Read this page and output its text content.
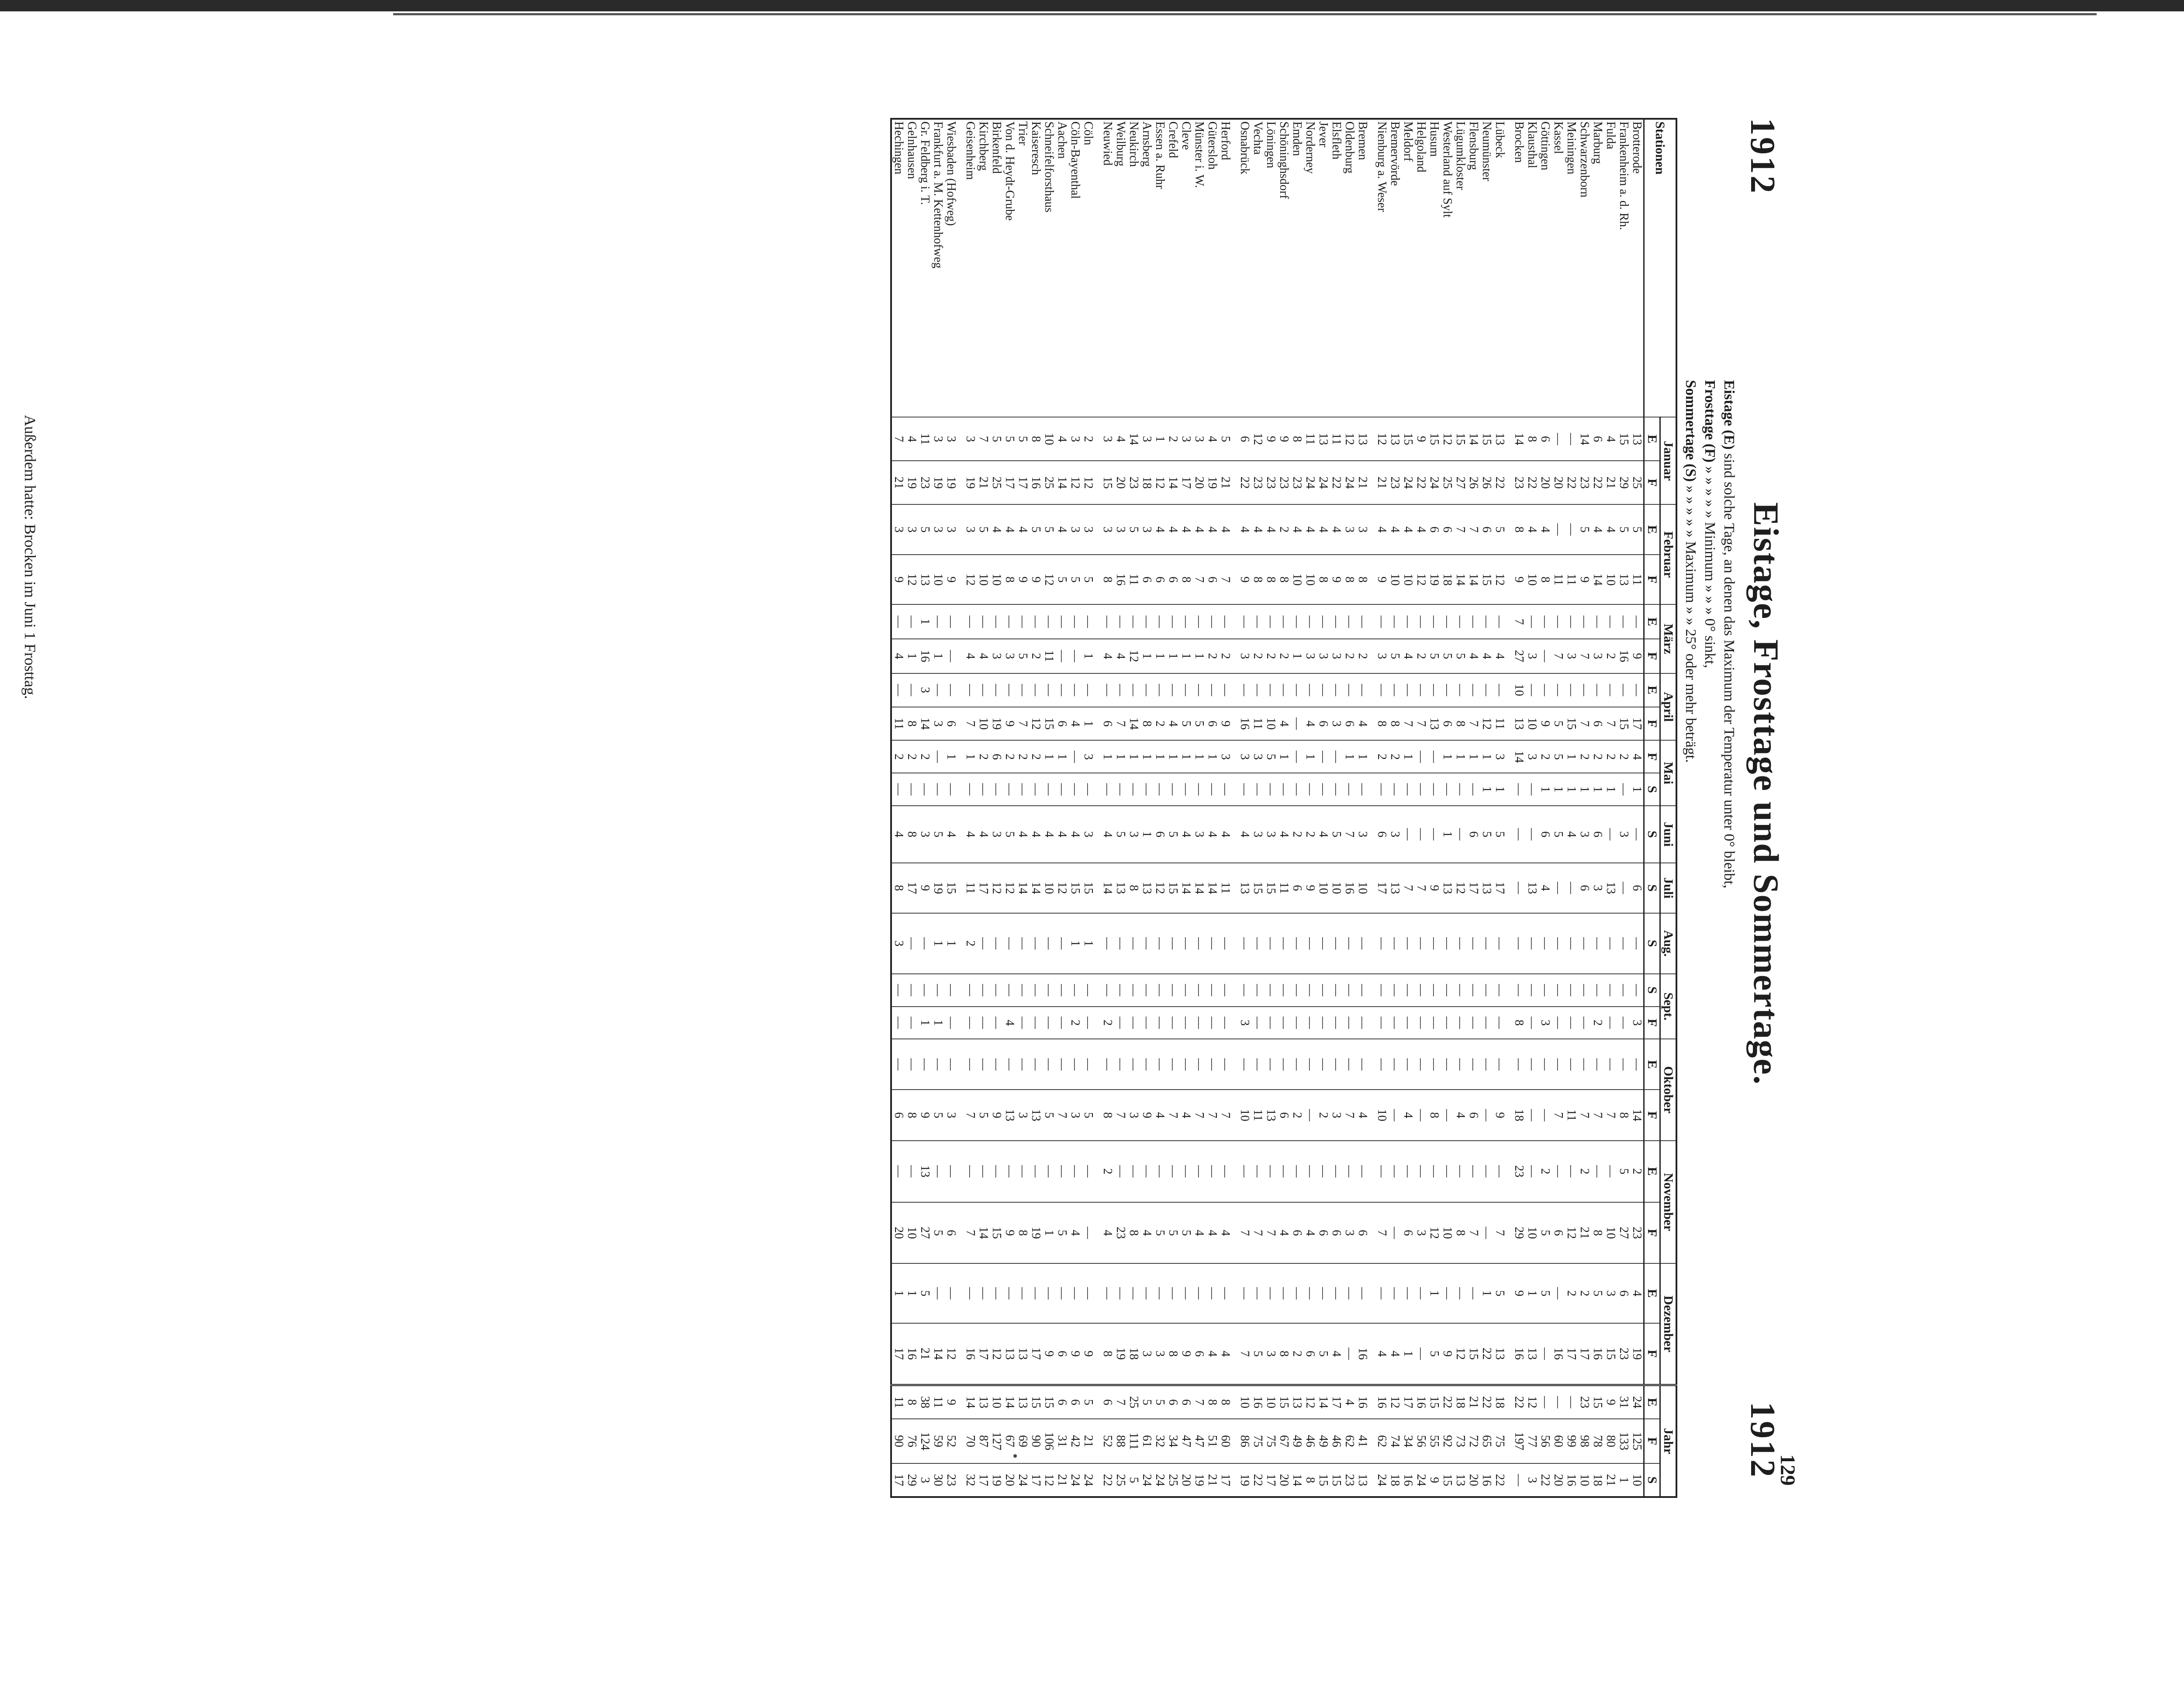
129
1912
1912
Eistage, Frosttage und Sommertage.
Eistage (E) sind solche Tage, an denen das Maximum der Temperatur unter 0° bleibt,
Frosttage (F) » » » » » Minimum » » » 0° sinkt,
Sommertage (S) » » » » » Maximum » » 25° oder mehr beträgt.
Stationen	Januar		Februar		März		April		Mai		Juni	Juli	Aug.	Sept.		Oktober		November		Dezember		Jahr		
	E	F	E	F	E	F	E	F	F	S	S	S	S	S	F	E	F	E	F	E	F	E	F	S
Brotterode	13	25	5	11	—	9	—	17	4	1	—	6	—	—	3	—	14	2	23	4	19	24	125	10
Frankenheim a. d. Rh.	15	29	5	13	—	16	—	15	2	—	3	—	—	—	—	—	8	5	27	6	23	31	133	1
Fulda	4	21	4	10	—	2	—	7	2	1	—	13	—	—	—	—	7	—	10	3	15	9	80	21
Marburg	6	22	4	14	—	3	—	6	2	1	6	3	—	—	2	—	7	—	8	5	16	15	78	18
Schwarzenborn	14	23	5	9	—	7	—	7	2	1	3	6	—	—	—	—	7	2	21	2	17	23	98	10
Meiningen	—	22	—	11	—	3	—	15	1	1	4	—	—	—	—	—	11	—	12	2	17	—	99	16
Kassel	—	20	—	11	—	7	—	5	5	1	5	—	—	—	—	—	7	—	6	—	16	—	60	20
Göttingen	6	20	4	8	—	—	—	9	2	1	6	4	—	—	3	—	—	2	5	5	—	—	56	22
Klausthal	8	22	4	10	—	3	—	10	3	—	—	13	—	—	—	—	—	—	10	1	13	12	77	3
Brocken	14	23	8	9	7	27	10	13	14	—	—	—	—	—	8	—	18	23	29	9	16	22	197	—
Lübeck	13	22	5	12	—	4	—	11	3	1	5	17	—	—	—	—	9	—	7	5	13	18	75	22
Neumünster	15	26	6	15	—	4	—	12	1	1	5	13	—	—	—	—	—	—	—	1	22	22	65	16
Flensburg	14	26	7	14	—	4	—	7	1	—	6	17	—	—	—	—	6	—	7	—	15	21	72	20
Lügumkloster	15	27	7	14	—	5	—	8	1	—	—	12	—	—	—	—	4	—	8	—	12	18	73	13
Westerland auf Sylt	12	25	6	18	—	5	—	6	1	—	1	13	—	—	—	—	—	—	10	—	9	22	92	15
Husum	15	24	6	19	—	5	—	13	—	—	—	9	—	—	—	—	8	—	12	1	5	15	55	9
Helgoland	9	22	4	12	—	2	—	7	—	—	—	7	—	—	—	—	—	—	3	—	—	16	56	24
Meldorf	15	24	4	10	—	4	—	7	1	—	—	7	—	—	—	—	4	—	6	—	1	17	34	16
Bremervörde	13	23	4	10	—	5	—	8	2	—	3	13	—	—	—	—	—	—	—	—	4	12	74	18
Nienburg a. Weser	12	21	4	9	—	3	—	8	2	—	6	17	—	—	—	—	10	—	7	—	4	16	62	24
Bremen	13	21	3	8	—	2	—	4	1	—	3	10	—	—	—	—	4	—	6	—	16	16	41	13
Oldenburg	12	24	3	8	—	2	—	6	1	—	7	16	—	—	—	—	7	—	3	—	—	4	62	23
Elsfleth	11	22	4	9	—	3	—	3	—	—	5	10	—	—	—	—	3	—	6	—	4	17	46	15
Jever	13	24	4	8	—	3	—	6	—	—	4	10	—	—	—	—	2	—	6	—	5	14	49	15
Norderney	11	24	4	10	—	3	—	4	1	—	2	9	—	—	—	—	—	—	4	—	6	12	46	8
Emden	8	23	4	10	—	1	—	—	—	—	2	6	—	—	—	—	2	—	6	—	2	13	49	14
Schöninghsdorf	9	23	2	8	—	2	—	4	1	—	4	11	—	—	—	—	6	—	4	—	8	15	67	20
Löningen	9	23	4	8	—	2	—	10	5	—	3	15	—	—	—	—	13	—	7	—	3	10	75	17
Vechta	12	23	4	8	—	2	—	11	3	—	3	15	—	—	—	—	11	—	7	—	5	16	75	22
Osnabrück	6	22	4	9	—	3	—	16	3	—	4	13	—	—	3	—	10	—	7	—	7	10	86	19
Herford	5	21	4	7	—	2	—	9	3	—	4	11	—	—	—	—	7	—	4	—	4	8	60	17
Gütersloh	4	19	4	6	—	2	—	6	1	—	4	14	—	—	—	—	7	—	4	—	4	8	51	21
Münster i. W.	3	20	4	7	—	1	—	5	1	—	3	14	—	—	—	—	7	—	4	—	6	7	47	19
Cleve	3	17	4	8	—	1	—	5	1	—	4	14	—	—	—	—	4	—	5	—	9	6	47	20
Crefeld	2	14	4	6	—	1	—	4	1	—	5	15	—	—	—	—	7	—	5	—	8	6	34	25
Essen a. Ruhr	1	12	4	6	—	1	—	2	1	—	6	12	—	—	—	—	4	—	5	—	3	5	32	24
Arnsberg	3	18	3	6	—	1	—	8	1	—	1	13	—	—	—	—	9	—	4	—	3	5	61	24
Neukirch	14	23	5	11	—	12	—	14	1	—	3	8	—	—	—	—	3	—	8	—	18	25	111	5
Weilburg	4	20	3	16	—	4	—	7	1	—	5	13	—	—	—	—	7	—	23	—	19	7	88	25
Neuwied	3	15	3	8	—	4	—	6	1	—	4	14	—	—	2	—	8	2	4	—	8	6	52	22
Cöln	2	12	3	5	—	1	—	1	3	—	3	15	1	—	—	—	5	—	—	—	9	5	21	24
Cöln-Bayenthal	3	12	3	5	—	—	—	4	—	—	4	15	1	—	2	—	3	—	4	—	9	6	42	24
Aachen	4	14	4	5	—	—	—	6	1	—	4	12	—	—	—	—	7	—	5	—	6	6	31	21
Schneifelforsthaus	10	25	5	12	—	11	—	15	1	—	4	10	—	—	—	—	5	—	1	—	9	15	106	12
Kaiseresch	8	16	5	9	—	2	—	12	2	—	4	14	—	—	—	—	13	—	19	—	17	15	90	17
Trier	5	17	4	9	—	5	—	7	2	—	4	14	—	—	—	—	3	—	8	—	13	13	69	24
Von d. Heydt-Grube	5	17	4	8	—	3	—	9	2	—	5	12	—	—	4	—	13	—	9	—	13	14	67	20
Birkenfeld	5	25	4	10	—	3	—	19	6	—	3	12	—	—	—	—	9	—	15	—	12	10	127	19
Kirchberg	7	21	5	10	—	4	—	10	2	—	4	17	—	—	—	—	5	—	14	—	17	13	87	17
Geisenheim	3	19	3	12	—	4	—	7	1	—	4	11	2	—	—	—	7	—	7	—	16	14	70	32
Wiesbaden (Hofweg)	3	19	3	9	—	—	—	6	1	—	4	15	1	—	—	—	3	—	6	—	12	9	52	23
Frankfurt a. M. Kettenhofweg	3	19	3	10	—	1	—	3	—	—	5	19	1	—	1	—	5	—	5	—	14	11	59	30
Gr. Feldberg i. T.	11	23	5	13	1	16	3	14	2	—	3	9	—	—	1	—	9	13	27	5	21	38	124	3
Gelnhausen	4	19	3	12	—	1	—	8	2	—	8	17	—	—	—	—	8	—	10	1	16	8	76	29
Hechingen	7	21	3	9	—	4	—	11	2	—	4	8	3	—	—	—	6	—	20	1	17	11	90	17
Außerdem hatte: Brocken im Juni 1 Frosttag.
